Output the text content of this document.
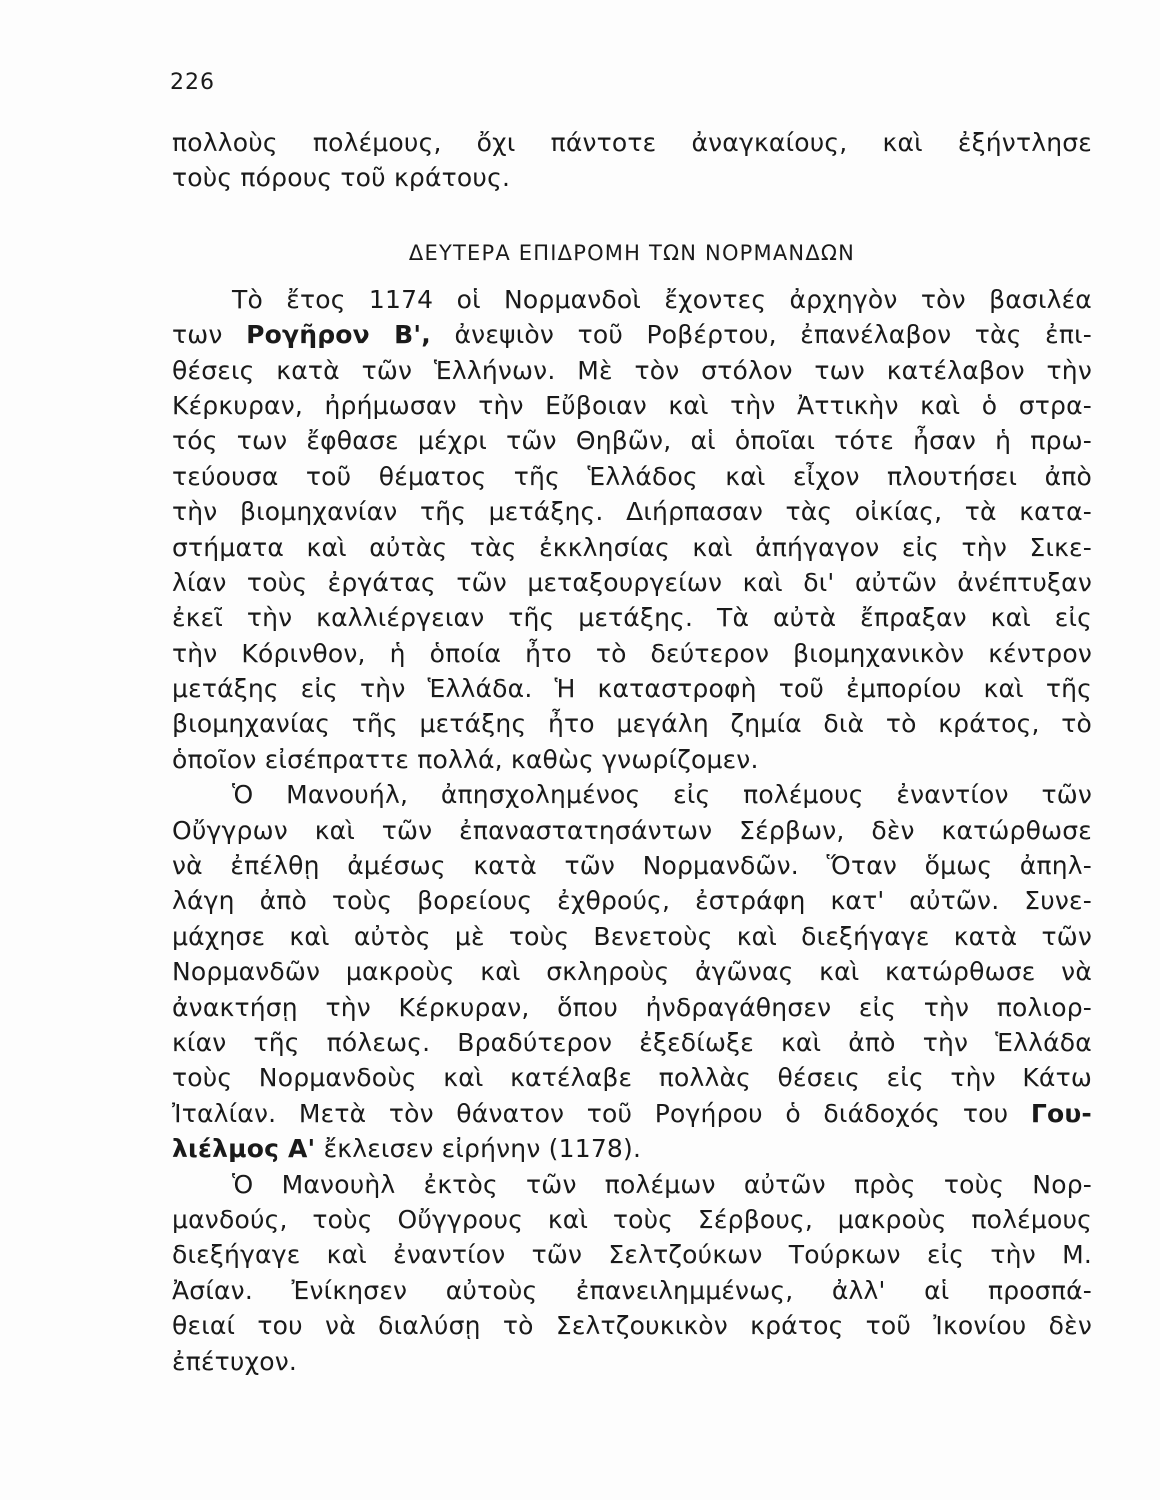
226
πολλοὺς πολέμους, ὄχι πάντοτε ἀναγκαίους, καὶ ἐξήντλησε
τοὺς πόρους τοῦ κράτους.
ΔΕΥΤΕΡΑ ΕΠΙΔΡΟΜΗ ΤΩΝ ΝΟΡΜΑΝΔΩΝ
Τὸ ἔτος 1174 οἱ Νορμανδοὶ ἔχοντες ἀρχηγὸν τὸν βασιλέα
των Ρογῆρον Β', ἀνεψιὸν τοῦ Ροβέρτου, ἐπανέλαβον τὰς ἐπι-
θέσεις κατὰ τῶν Ἑλλήνων. Μὲ τὸν στόλον των κατέλαβον τὴν
Κέρκυραν, ἠρήμωσαν τὴν Εὔβοιαν καὶ τὴν Ἀττικὴν καὶ ὁ στρα-
τός των ἔφθασε μέχρι τῶν Θηβῶν, αἱ ὁποῖαι τότε ἦσαν ἡ πρω-
τεύουσα τοῦ θέματος τῆς Ἑλλάδος καὶ εἶχον πλουτήσει ἀπὸ
τὴν βιομηχανίαν τῆς μετάξης. Διήρπασαν τὰς οἰκίας, τὰ κατα-
στήματα καὶ αὐτὰς τὰς ἐκκλησίας καὶ ἀπήγαγον εἰς τὴν Σικε-
λίαν τοὺς ἐργάτας τῶν μεταξουργείων καὶ δι' αὐτῶν ἀνέπτυξαν
ἐκεῖ τὴν καλλιέργειαν τῆς μετάξης. Τὰ αὐτὰ ἔπραξαν καὶ εἰς
τὴν Κόρινθον, ἡ ὁποία ἦτο τὸ δεύτερον βιομηχανικὸν κέντρον
μετάξης εἰς τὴν Ἑλλάδα. Ἡ καταστροφὴ τοῦ ἐμπορίου καὶ τῆς
βιομηχανίας τῆς μετάξης ἦτο μεγάλη ζημία διὰ τὸ κράτος, τὸ
ὁποῖον εἰσέπραττε πολλά, καθὼς γνωρίζομεν.
Ὁ Μανουήλ, ἀπησχολημένος εἰς πολέμους ἐναντίον τῶν
Οὔγγρων καὶ τῶν ἐπαναστατησάντων Σέρβων, δὲν κατώρθωσε
νὰ ἐπέλθῃ ἀμέσως κατὰ τῶν Νορμανδῶν. Ὅταν ὅμως ἀπηλ-
λάγη ἀπὸ τοὺς βορείους ἐχθρούς, ἐστράφη κατ' αὐτῶν. Συνε-
μάχησε καὶ αὐτὸς μὲ τοὺς Βενετοὺς καὶ διεξήγαγε κατὰ τῶν
Νορμανδῶν μακροὺς καὶ σκληροὺς ἀγῶνας καὶ κατώρθωσε νὰ
ἀνακτήσῃ τὴν Κέρκυραν, ὅπου ἠνδραγάθησεν εἰς τὴν πολιορ-
κίαν τῆς πόλεως. Βραδύτερον ἐξεδίωξε καὶ ἀπὸ τὴν Ἑλλάδα
τοὺς Νορμανδοὺς καὶ κατέλαβε πολλὰς θέσεις εἰς τὴν Κάτω
Ἰταλίαν. Μετὰ τὸν θάνατον τοῦ Ρογήρου ὁ διάδοχός του Γου-
λιέλμος Α' ἔκλεισεν εἰρήνην (1178).
Ὁ Μανουὴλ ἐκτὸς τῶν πολέμων αὐτῶν πρὸς τοὺς Νορ-
μανδούς, τοὺς Οὔγγρους καὶ τοὺς Σέρβους, μακροὺς πολέμους
διεξήγαγε καὶ ἐναντίον τῶν Σελτζούκων Τούρκων εἰς τὴν Μ.
Ἀσίαν. Ἐνίκησεν αὐτοὺς ἐπανειλημμένως, ἀλλ' αἱ προσπά-
θειαί του νὰ διαλύσῃ τὸ Σελτζουκικὸν κράτος τοῦ Ἰκονίου δὲν
ἐπέτυχον.
